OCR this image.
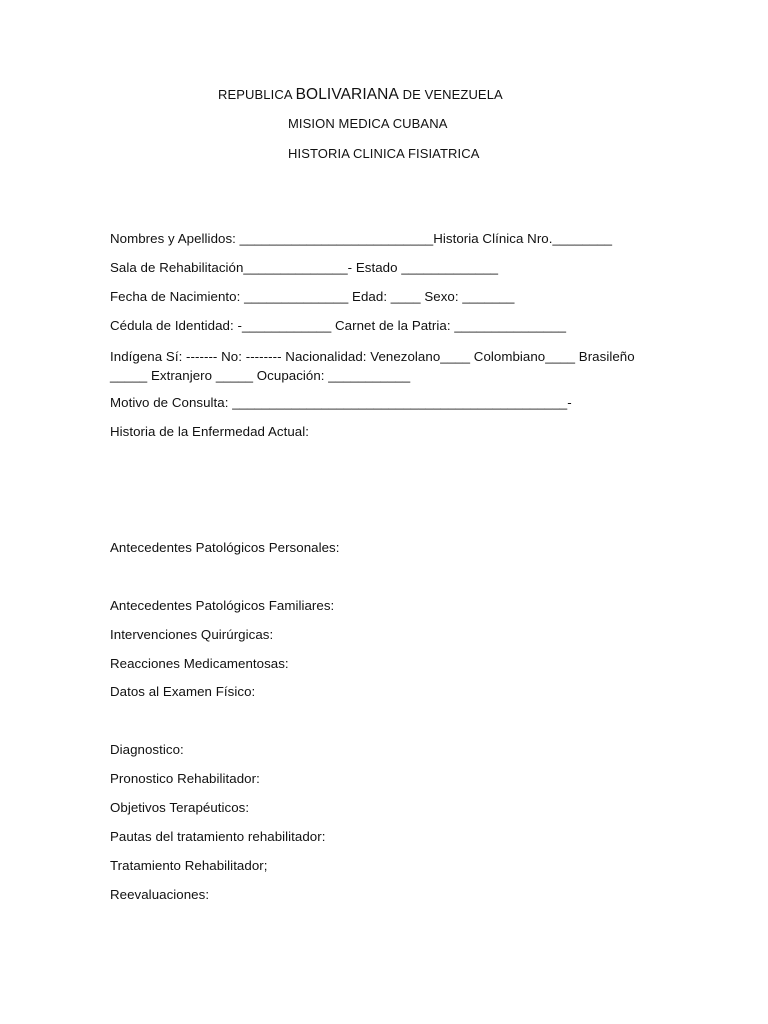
REPUBLICA BOLIVARIANA DE VENEZUELA
MISION MEDICA CUBANA
HISTORIA CLINICA FISIATRICA
Nombres y Apellidos: __________________________Historia Clínica Nro.________
Sala de Rehabilitación______________- Estado _____________
Fecha de Nacimiento: ______________ Edad: ____ Sexo: _______
Cédula de Identidad: -____________ Carnet de la Patria: _______________
Indígena Sí: ------- No: -------- Nacionalidad: Venezolano____ Colombiano____ Brasileño _____ Extranjero _____ Ocupación: ___________
Motivo de Consulta: _____________________________________________-
Historia de la Enfermedad Actual:
Antecedentes Patológicos Personales:
Antecedentes Patológicos Familiares:
Intervenciones Quirúrgicas:
Reacciones Medicamentosas:
Datos al Examen Físico:
Diagnostico:
Pronostico Rehabilitador:
Objetivos Terapéuticos:
Pautas del tratamiento rehabilitador:
Tratamiento Rehabilitador;
Reevaluaciones:
